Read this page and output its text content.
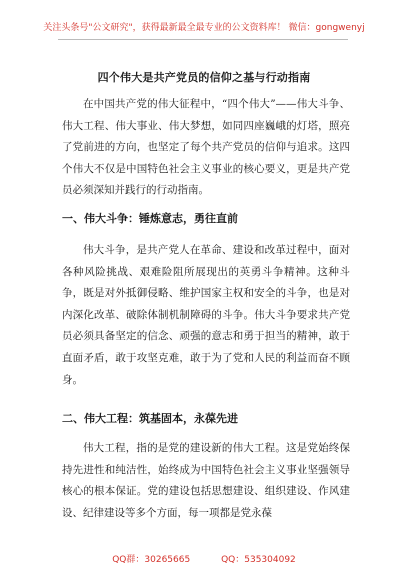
关注头条号"公文研究"，获得最新最全最专业的公文资料库！ 微信：gongwenyj
四个伟大是共产党员的信仰之基与行动指南
在中国共产党的伟大征程中，“四个伟大”——伟大斗争、伟大工程、伟大事业、伟大梦想，如同四座巍峨的灯塔，照亮了党前进的方向，也坚定了每个共产党员的信仰与追求。这四个伟大不仅是中国特色社会主义事业的核心要义，更是共产党员必须深知并践行的行动指南。
一、伟大斗争：锤炼意志，勇往直前
伟大斗争，是共产党人在革命、建设和改革过程中，面对各种风险挑战、艰难险阻所展现出的英勇斗争精神。这种斗争，既是对外抵御侵略、维护国家主权和安全的斗争，也是对内深化改革、破除体制机制障碍的斗争。伟大斗争要求共产党员必须具备坚定的信念、顽强的意志和勇于担当的精神，敢于直面矛盾，敢于攻坚克难，敢于为了党和人民的利益而奋不顾身。
二、伟大工程：筑基固本，永葆先进
伟大工程，指的是党的建设新的伟大工程。这是党始终保持先进性和纯洁性，始终成为中国特色社会主义事业坚强领导核心的根本保证。党的建设包括思想建设、组织建设、作风建设、纪律建设等多个方面，每一项都是党永葆
QQ群：30265665	QQ：535304092
